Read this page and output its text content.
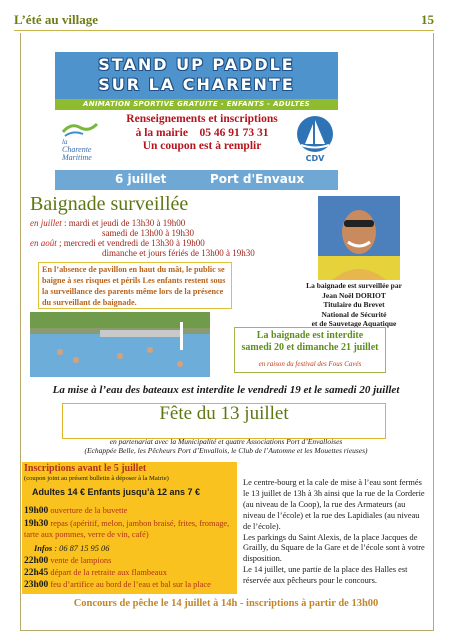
L’été au village	15
STAND UP PADDLE
SUR LA CHARENTE
ANIMATION SPORTIVE GRATUITE - ENFANTS - ADULTES
la
Charente
Maritime
Renseignements et inscriptions
à la mairie 05 46 91 73 31
Un coupon est à remplir
CDV
6 juillet	Port d'Envaux
Baignade surveillée
en juillet : mardi et jeudi de 13h30 à 19h00
samedi de 13h00 à 19h30
en août ; mercredi et vendredi de 13h30 à 19h00
dimanche et jours fériés de 13h00 à 19h30
En l’absence de pavillon en haut du mât, le public se baigne à ses risques et périls Les enfants restent sous la surveillance des parents même lors de la présence du surveillant de baignade.
La baignade est surveillée par
Jean Noël DORIOT
Titulaire du Brevet
National de Sécurité
et de Sauvetage Aquatique
La baignade est interdite
samedi 20 et dimanche 21 juillet
en raison du festival des Fous Cavés
La mise à l’eau des bateaux est interdite le vendredi 19 et le samedi 20 juillet
Fête du 13 juillet
en partenariat avec la Municipalité et quatre Associations Port d’Envalloises
(Echappée Belle, les Pêcheurs Port d’Envallois, le Club de l’Automne et les Mouettes rieuses)
Inscriptions avant le 5 juillet
(coupon joint au présent bulletin à déposer à la Mairie)
Adultes 14 € Enfants jusqu’à 12 ans 7 €
19h00 ouverture de la buvette
19h30 repas (apéritif, melon, jambon braisé, frites, fromage, tarte aux pommes, verre de vin, café)
Infos : 06 87 15 95 06
22h00 vente de lampions
22h45 départ de la retraite aux flambeaux
23h00 feu d’artifice au bord de l’eau et bal sur la place

Le centre-bourg et la cale de mise à l’eau sont fermés le 13 juillet de 13h à 3h ainsi que la rue de la Corderie (au niveau de la Coop), la rue des Armateurs (au niveau de l’école) et la rue des Lapidiales (au niveau de l’école).

Les parkings du Saint Alexis, de la place Jacques de Grailly, du Square de la Gare et de l’école sont à votre disposition.

Le 14 juillet, une partie de la place des Halles est réservée aux pêcheurs pour le concours.

Concours de pêche le 14 juillet à 14h - inscriptions à partir de 13h00
